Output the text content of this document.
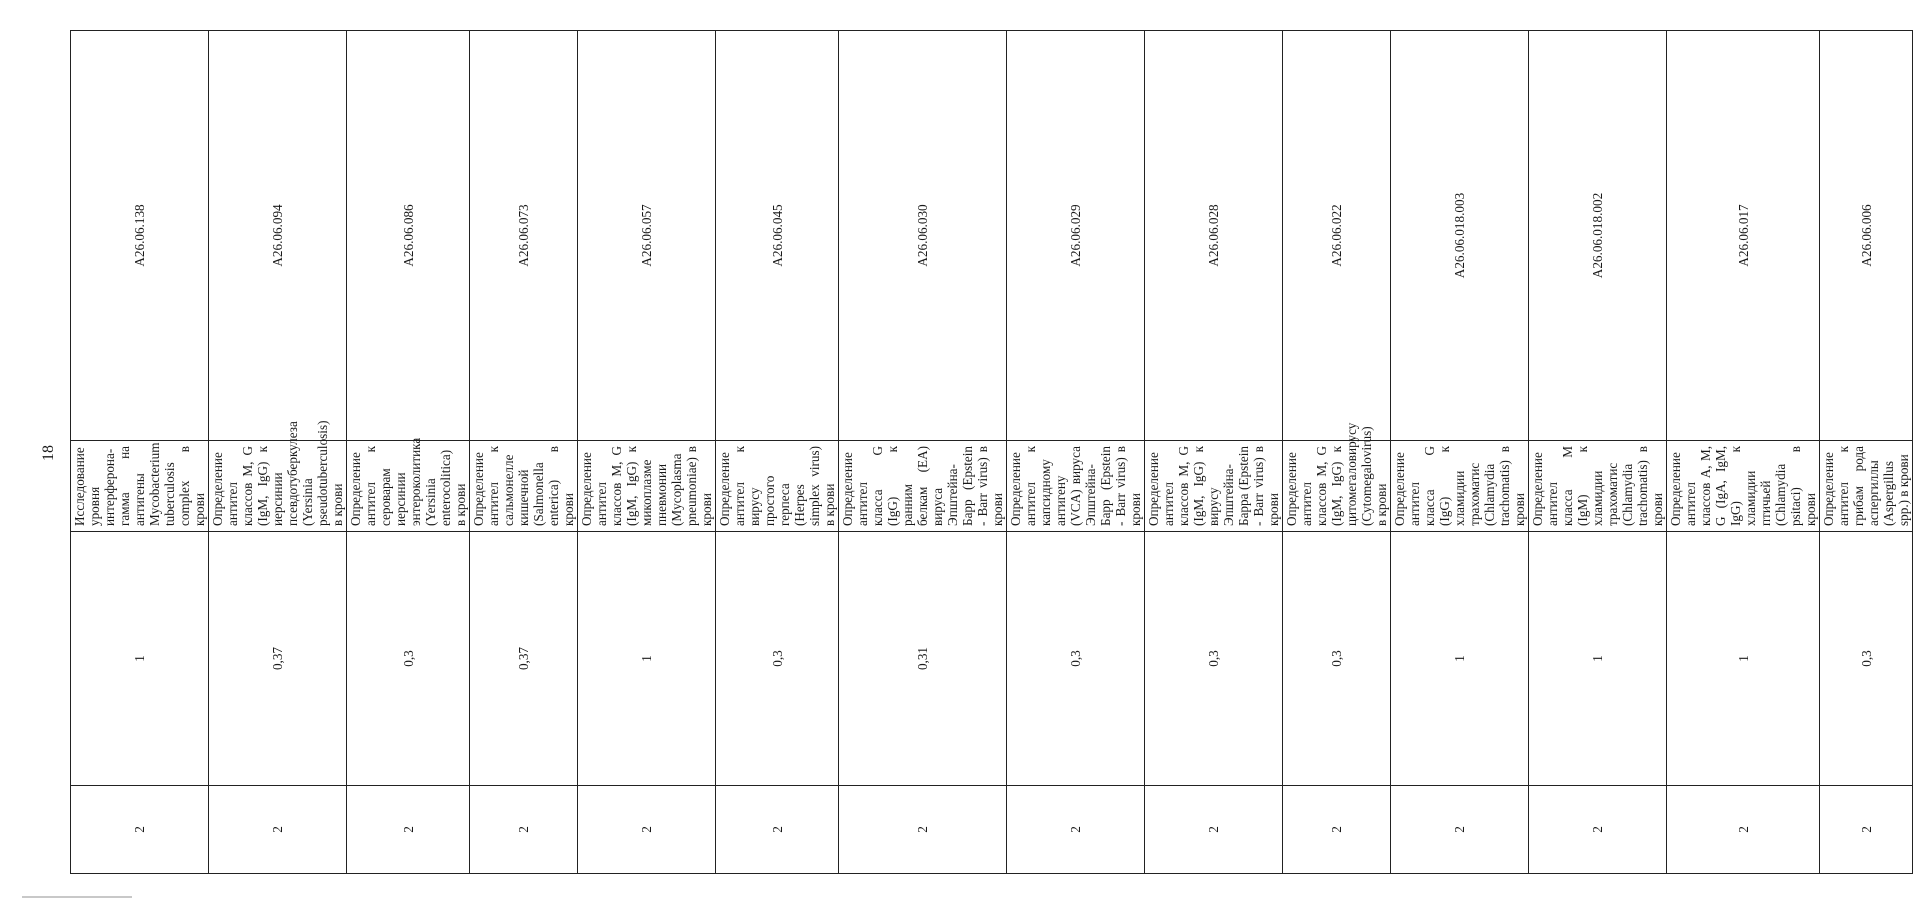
18
2	1	Исследование уровня интерферона-гамма на антигены Mycobacterium tuberculosis complex в крови	A26.06.138
2	0,37	Определение антител классов M, G (IgM, IgG) к иерсинии псевдотуберкулеза (Yersinia pseudotuberculosis) в крови	A26.06.094
2	0,3	Определение антител к сероварам иерсинии энтероколитика (Yersinia enterocolitica) в крови	A26.06.086
2	0,37	Определение антител к сальмонелле кишечной (Salmonella enterica) в крови	A26.06.073
2	1	Определение антител классов M, G (IgM, IgG) к микоплазме пневмонии (Mycoplasma pneumoniae) в крови	A26.06.057
2	0,3	Определение антител к вирусу простого герпеса (Herpes simplex virus) в крови	A26.06.045
2	0,31	Определение антител класса G (IgG) к ранним белкам (EA) вируса Эпштейна-Барр (Epstein - Barr virus) в крови	A26.06.030
2	0,3	Определение антител к капсидному антигену (VCA) вируса Эпштейна-Барр (Epstein - Barr virus) в крови	A26.06.029
2	0,3	Определение антител классов M, G (IgM, IgG) к вирусу Эпштейна-Барра (Epstein - Barr virus) в крови	A26.06.028
2	0,3	Определение антител классов M, G (IgM, IgG) к цитомегаловирусу (Cytomegalovirus) в крови	A26.06.022
2	1	Определение антител класса G (IgG) к хламидии трахоматис (Chlamydia trachomatis) в крови	A26.06.018.003
2	1	Определение антител класса M (IgM) к хламидии трахоматис (Chlamydia trachomatis) в крови	A26.06.018.002
2	1	Определение антител классов A, M, G (IgA, IgM, IgG) к хламидии птичьей (Chlamydia psitaci) в крови	A26.06.017
2	0,3	Определение антител к грибам рода аспергиллы (Aspergillus spp.) в крови	A26.06.006
